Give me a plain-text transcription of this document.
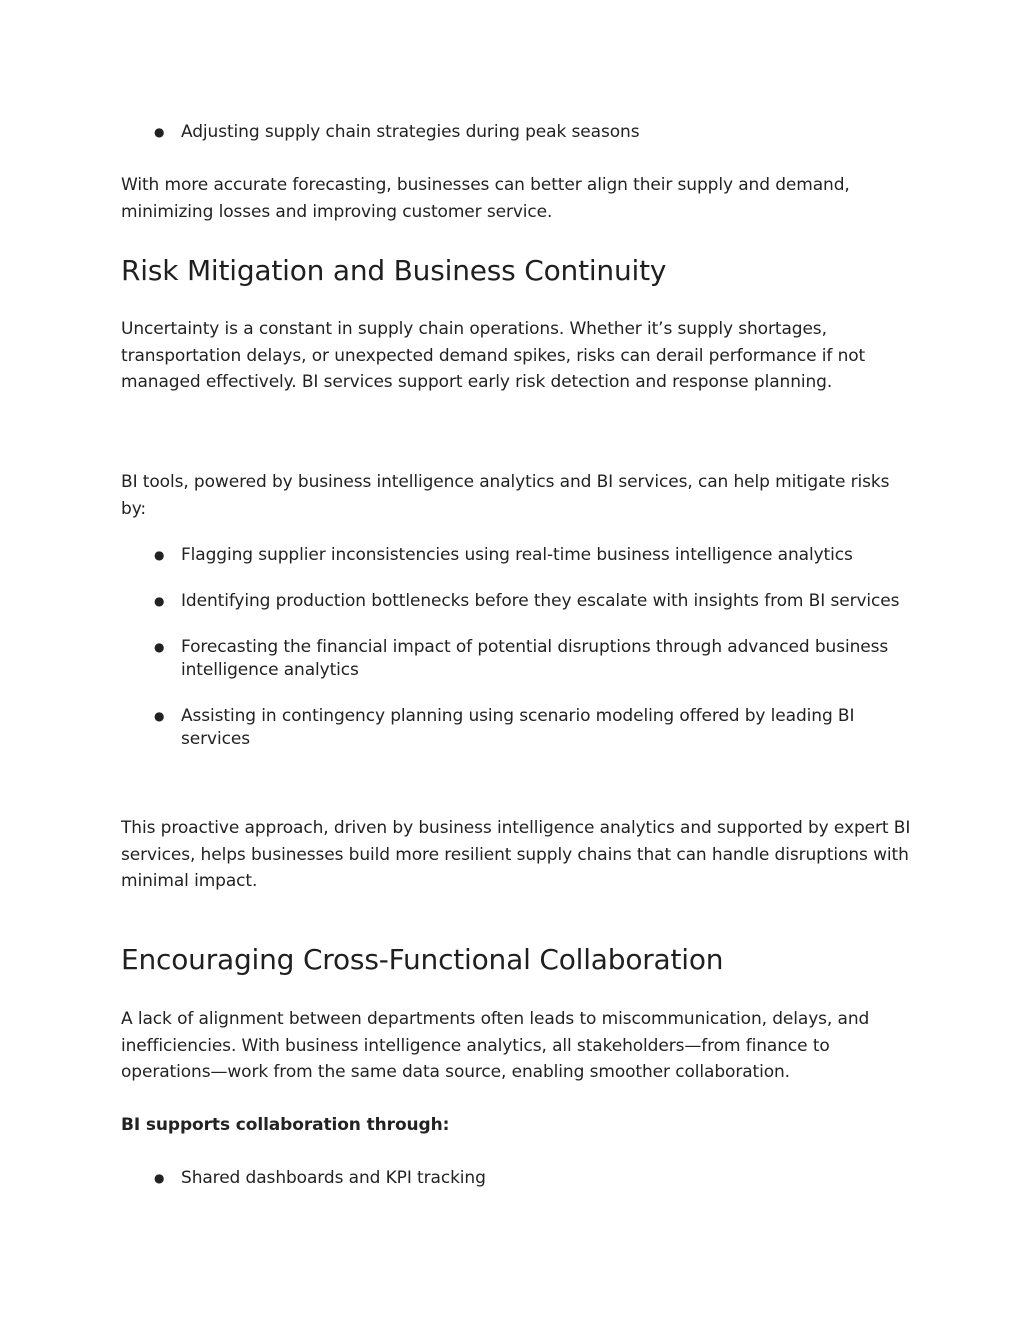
● Adjusting supply chain strategies during peak seasons

With more accurate forecasting, businesses can better align their supply and demand, minimizing losses and improving customer service.

Risk Mitigation and Business Continuity

Uncertainty is a constant in supply chain operations. Whether it’s supply shortages, transportation delays, or unexpected demand spikes, risks can derail performance if not managed effectively. BI services support early risk detection and response planning.

BI tools, powered by business intelligence analytics and BI services, can help mitigate risks by:

● Flagging supplier inconsistencies using real-time business intelligence analytics
● Identifying production bottlenecks before they escalate with insights from BI services
● Forecasting the financial impact of potential disruptions through advanced business intelligence analytics
● Assisting in contingency planning using scenario modeling offered by leading BI services

This proactive approach, driven by business intelligence analytics and supported by expert BI services, helps businesses build more resilient supply chains that can handle disruptions with minimal impact.

Encouraging Cross-Functional Collaboration

A lack of alignment between departments often leads to miscommunication, delays, and inefficiencies. With business intelligence analytics, all stakeholders—from finance to operations—work from the same data source, enabling smoother collaboration.

BI supports collaboration through:

● Shared dashboards and KPI tracking
